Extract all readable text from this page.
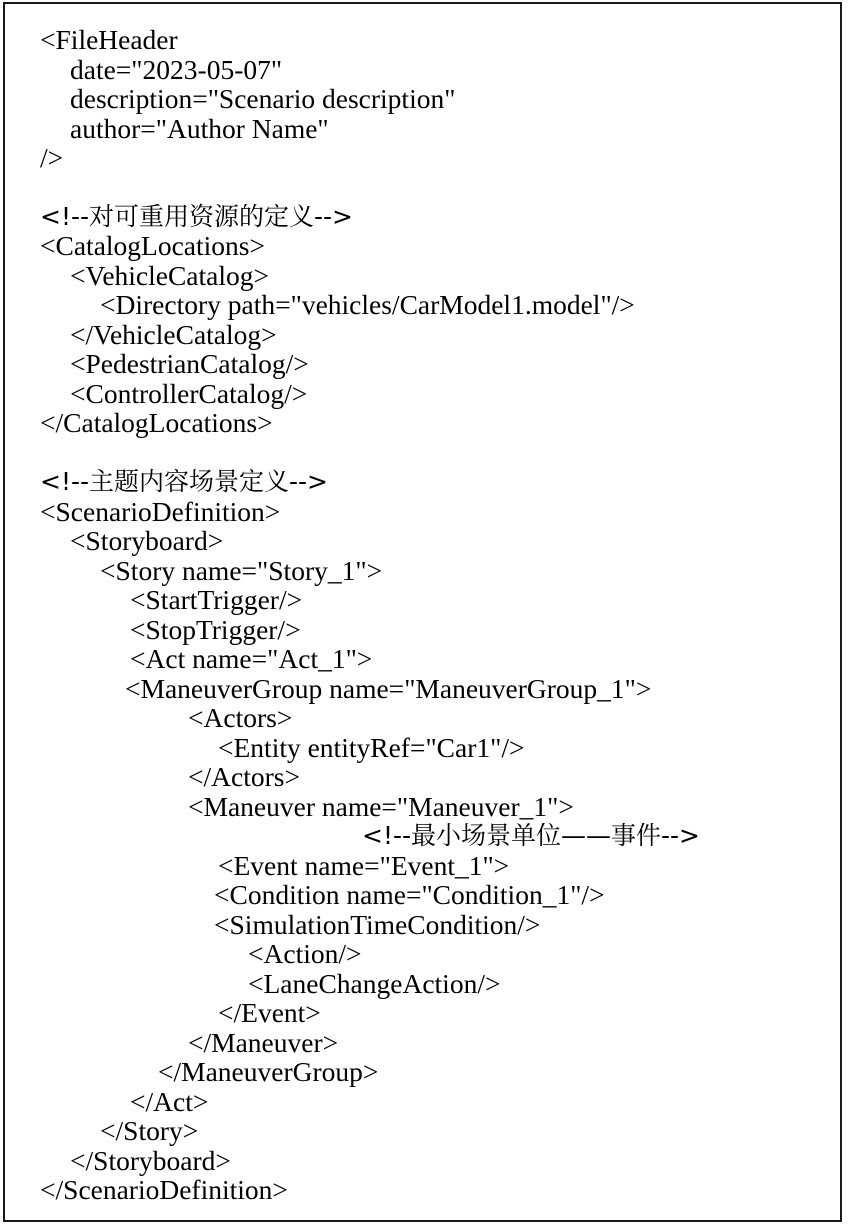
<FileHeader
date="2023-05-07"
description="Scenario description"
author="Author Name"
/>
<!--对可重用资源的定义-->
<CatalogLocations>
<VehicleCatalog>
<Directory path="vehicles/CarModel1.model"/>
</VehicleCatalog>
<PedestrianCatalog/>
<ControllerCatalog/>
</CatalogLocations>
<!--主题内容场景定义-->
<ScenarioDefinition>
<Storyboard>
<Story name="Story_1">
<StartTrigger/>
<StopTrigger/>
<Act name="Act_1">
<ManeuverGroup name="ManeuverGroup_1">
<Actors>
<Entity entityRef="Car1"/>
</Actors>
<Maneuver name="Maneuver_1">
<!--最小场景单位——事件-->
<Event name="Event_1">
<Condition name="Condition_1"/>
<SimulationTimeCondition/>
<Action/>
<LaneChangeAction/>
</Event>
</Maneuver>
</ManeuverGroup>
</Act>
</Story>
</Storyboard>
</ScenarioDefinition>
